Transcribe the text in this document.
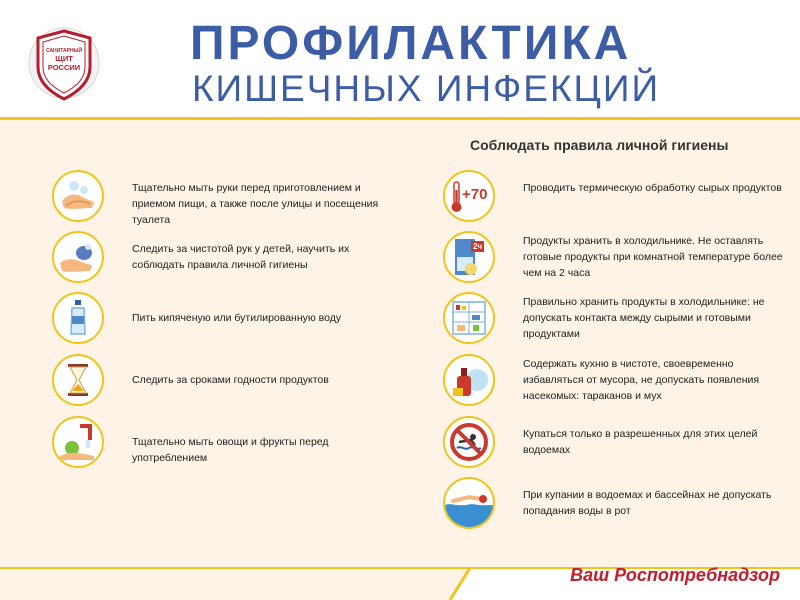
САНИТАРНЫЙ
ЩИТ
РОССИИ ПРОФИЛАКТИКА
КИШЕЧНЫХ ИНФЕКЦИЙ
Соблюдать правила личной гигиены
Тщательно мыть руки перед приготовлением и приемом пищи, а также после улицы и посещения туалета
Следить за чистотой рук у детей, научить их соблюдать правила личной гигиены
Пить кипяченую или бутилированную воду
Следить за сроками годности продуктов
Тщательно мыть овощи и фрукты перед употреблением
+70	Проводить термическую обработку сырых продуктов
2ч	Продукты хранить в холодильнике. Не оставлять готовые продукты при комнатной температуре более чем на 2 часа
Правильно хранить продукты в холодильнике: не допускать контакта между сырыми и готовыми продуктами
Содержать кухню в чистоте, своевременно избавляться от мусора, не допускать появления насекомых: тараканов и мух
Купаться только в разрешенных для этих целей водоемах
При купании в водоемах и бассейнах не допускать попадания воды в рот
Ваш Роспотребнадзор
